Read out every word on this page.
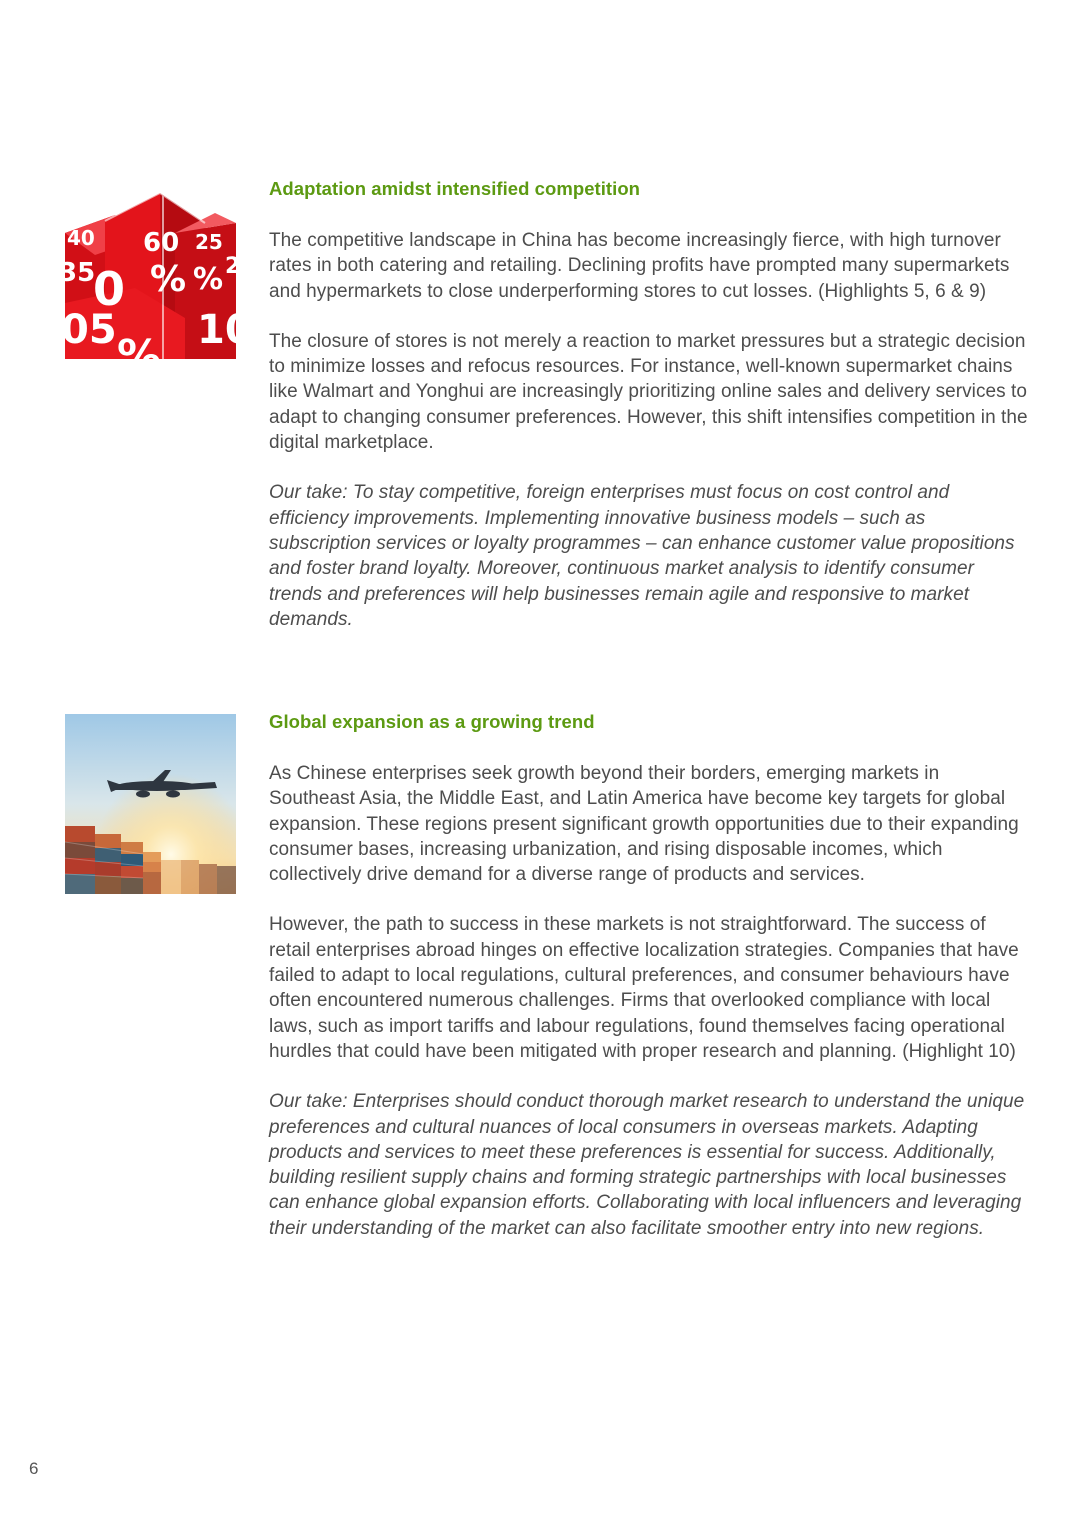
40 60 25
35
0 % %
05 10
%
2
Adaptation amidst intensified competition

The competitive landscape in China has become increasingly fierce, with high turnover rates in both catering and retailing. Declining profits have prompted many supermarkets and hypermarkets to close underperforming stores to cut losses. (Highlights 5, 6 & 9)

The closure of stores is not merely a reaction to market pressures but a strategic decision to minimize losses and refocus resources. For instance, well-known supermarket chains like Walmart and Yonghui are increasingly prioritizing online sales and delivery services to adapt to changing consumer preferences. However, this shift intensifies competition in the digital marketplace.

Our take: To stay competitive, foreign enterprises must focus on cost control and efficiency improvements. Implementing innovative business models – such as subscription services or loyalty programmes – can enhance customer value propositions and foster brand loyalty. Moreover, continuous market analysis to identify consumer trends and preferences will help businesses remain agile and responsive to market demands.

Global expansion as a growing trend

As Chinese enterprises seek growth beyond their borders, emerging markets in Southeast Asia, the Middle East, and Latin America have become key targets for global expansion. These regions present significant growth opportunities due to their expanding consumer bases, increasing urbanization, and rising disposable incomes, which collectively drive demand for a diverse range of products and services.

However, the path to success in these markets is not straightforward. The success of retail enterprises abroad hinges on effective localization strategies. Companies that have failed to adapt to local regulations, cultural preferences, and consumer behaviours have often encountered numerous challenges. Firms that overlooked compliance with local laws, such as import tariffs and labour regulations, found themselves facing operational hurdles that could have been mitigated with proper research and planning. (Highlight 10)

Our take: Enterprises should conduct thorough market research to understand the unique preferences and cultural nuances of local consumers in overseas markets. Adapting products and services to meet these preferences is essential for success. Additionally, building resilient supply chains and forming strategic partnerships with local businesses can enhance global expansion efforts. Collaborating with local influencers and leveraging their understanding of the market can also facilitate smoother entry into new regions.

6
